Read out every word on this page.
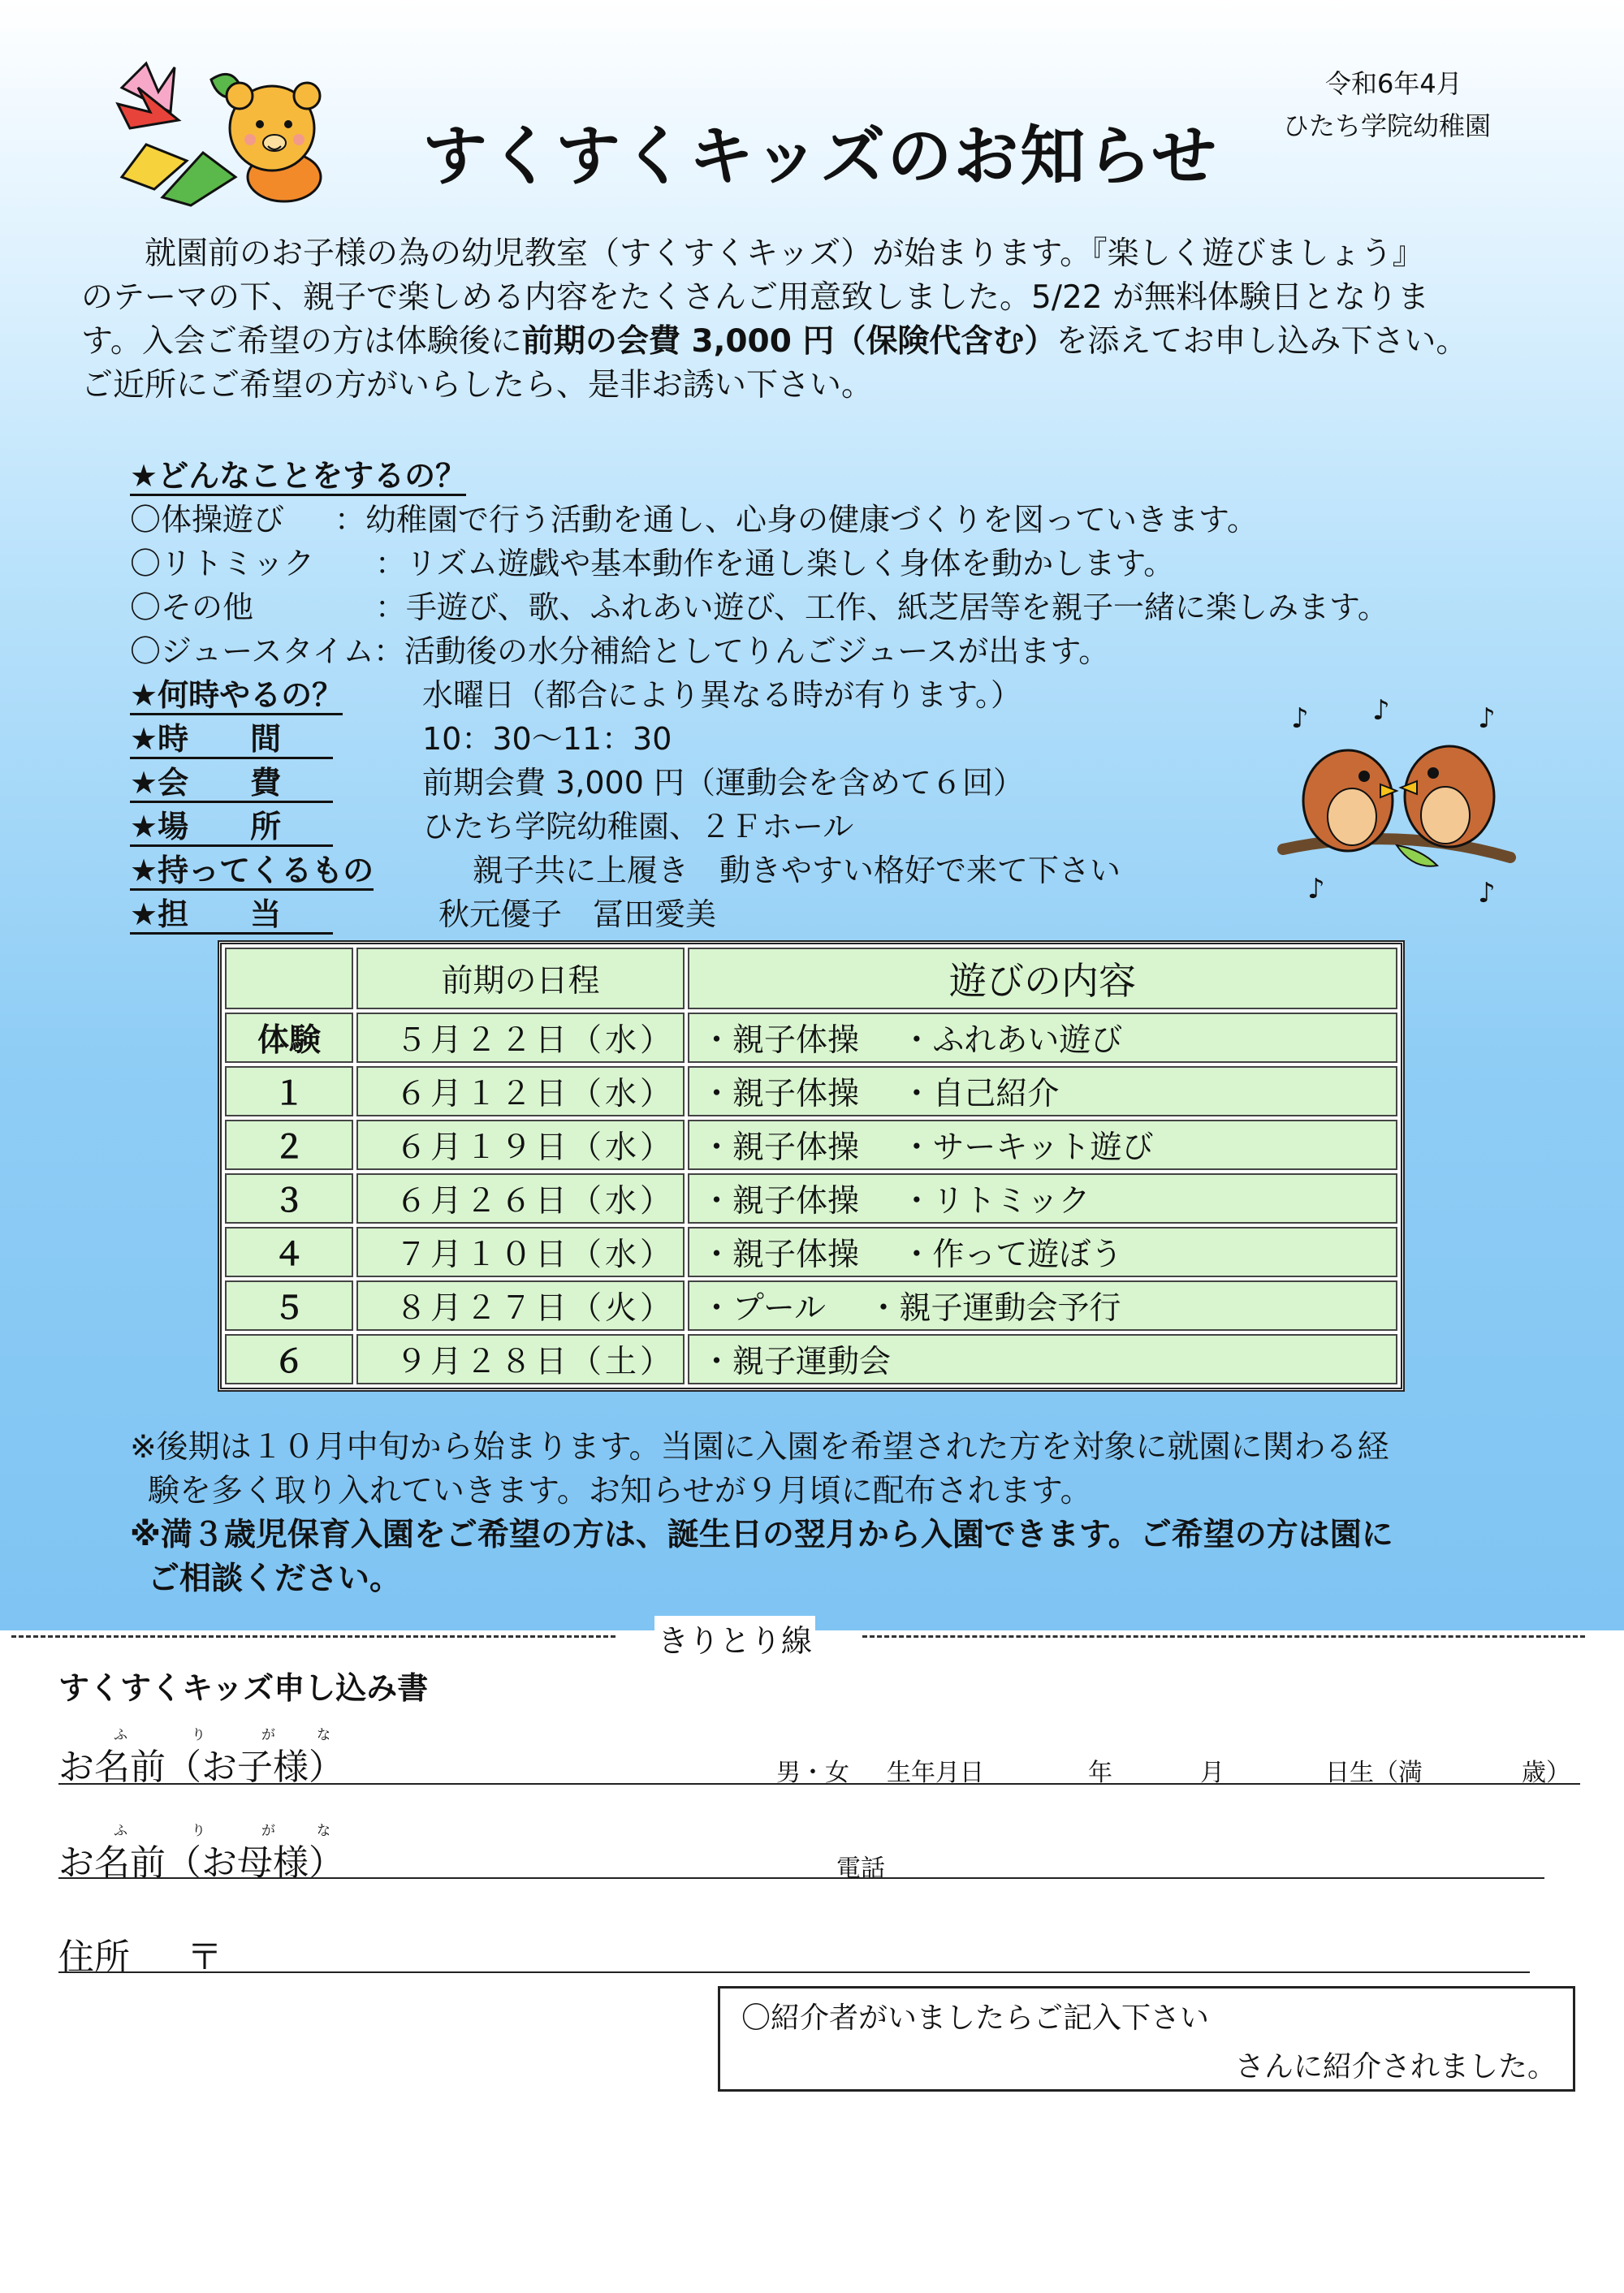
令和6年4月
ひたち学院幼稚園
すくすくキッズのお知らせ

就園前のお子様の為の幼児教室（すくすくキッズ）が始まります。『楽しく遊びましょう』

のテーマの下、親子で楽しめる内容をたくさんご用意致しました。5/22 が無料体験日となりま

す。入会ご希望の方は体験後に前期の会費 3,000 円（保険代含む）を添えてお申し込み下さい。

ご近所にご希望の方がいらしたら、是非お誘い下さい。

★どんなことをするの？
〇体操遊び ：幼稚園で行う活動を通し、心身の健康づくりを図っていきます。
〇リトミック ：リズム遊戯や基本動作を通し楽しく身体を動かします。
〇その他	：手遊び、歌、ふれあい遊び、工作、紙芝居等を親子一緒に楽しみます。
〇ジュースタイム ：活動後の水分補給としてりんごジュースが出ます。
★何時やるの？	水曜日（都合により異なる時が有ります。）
★時　　間	10：30～11：30
★会　　費	前期会費 3,000 円（運動会を含めて６回）
★場　　所	ひたち学院幼稚園、２Ｆホール
★持ってくるもの	親子共に上履き　動きやすい格好で来て下さい
★担　　当	秋元優子　冨田愛美
♪ ♪	♪
♪	♪
	前期の日程	遊びの内容
体験	５月２２日（水）	・親子体操　 ・ふれあい遊び
１	６月１２日（水）	・親子体操　 ・自己紹介
２	６月１９日（水）	・親子体操　 ・サーキット遊び
３	６月２６日（水）	・親子体操　 ・リトミック
４	７月１０日（水）	・親子体操　 ・作って遊ぼう
５	８月２７日（火）	・プール　 ・親子運動会予行
６	９月２８日（土）	・親子運動会
※後期は１０月中旬から始まります。当園に入園を希望された方を対象に就園に関わる経
験を多く取り入れていきます。お知らせが９月頃に配布されます。
※満３歳児保育入園をご希望の方は、誕生日の翌月から入園できます。ご希望の方は園に
ご相談ください。
きりとり線
すくすくキッズ申し込み書
ふ	り	が	な
お名前（お子様）	男・女 生年月日	年	月	日生（満	歳）
ふ	り	が	な
お名前（お母様）	電話
住所 〒
〇紹介者がいましたらご記入下さい
さんに紹介されました。
